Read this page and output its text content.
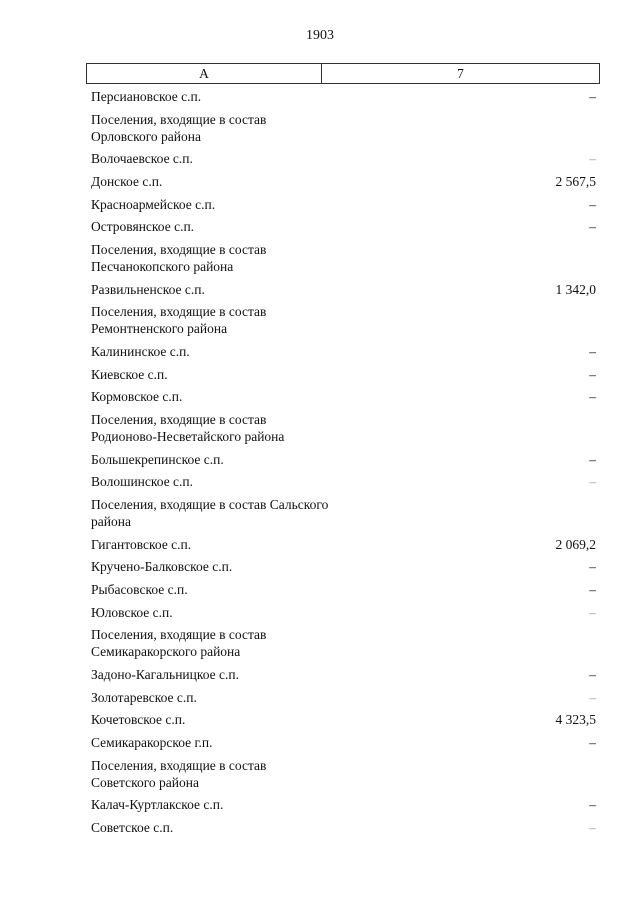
1903
А	7
Персиановское с.п.	–
Поселения, входящие в состав Орловского района
Волочаевское с.п.	–
Донское с.п.	2 567,5
Красноармейское с.п.	–
Островянское с.п.	–
Поселения, входящие в состав Песчанокопского района
Развильненское с.п.	1 342,0
Поселения, входящие в состав Ремонтненского района
Калининское с.п.	–
Киевское с.п.	–
Кормовское с.п.	–
Поселения, входящие в состав Родионово-Несветайского района
Большекрепинское с.п.	–
Волошинское с.п.	–
Поселения, входящие в состав Сальского района
Гигантовское с.п.	2 069,2
Кручено-Балковское с.п.	–
Рыбасовское с.п.	–
Юловское с.п.	–
Поселения, входящие в состав Семикаракорского района
Задоно-Кагальницкое с.п.	–
Золотаревское с.п.	–
Кочетовское с.п.	4 323,5
Семикаракорское г.п.	–
Поселения, входящие в состав Советского района
Калач-Куртлакское с.п.	–
Советское с.п.	–
